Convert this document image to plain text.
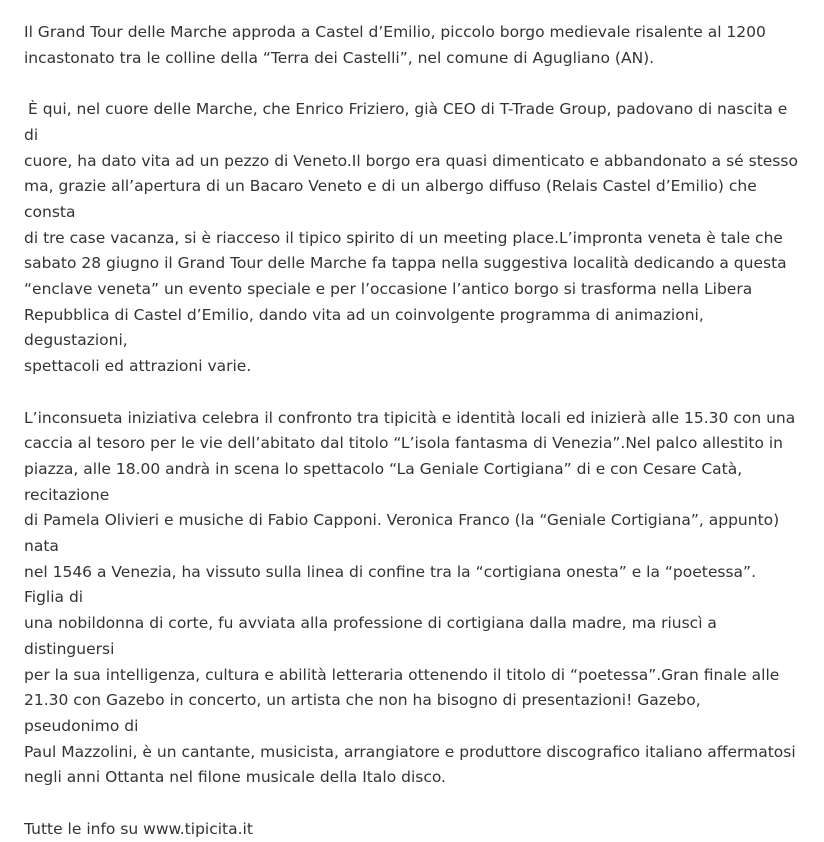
Il Grand Tour delle Marche approda a Castel d’Emilio, piccolo borgo medievale risalente al 1200
incastonato tra le colline della “Terra dei Castelli”, nel comune di Agugliano (AN).

È qui, nel cuore delle Marche, che Enrico Friziero, già CEO di T-Trade Group, padovano di nascita e di
cuore, ha dato vita ad un pezzo di Veneto.Il borgo era quasi dimenticato e abbandonato a sé stesso
ma, grazie all’apertura di un Bacaro Veneto e di un albergo diffuso (Relais Castel d’Emilio) che consta
di tre case vacanza, si è riacceso il tipico spirito di un meeting place.L’impronta veneta è tale che
sabato 28 giugno il Grand Tour delle Marche fa tappa nella suggestiva località dedicando a questa
“enclave veneta” un evento speciale e per l’occasione l’antico borgo si trasforma nella Libera
Repubblica di Castel d’Emilio, dando vita ad un coinvolgente programma di animazioni, degustazioni,
spettacoli ed attrazioni varie.

L’inconsueta iniziativa celebra il confronto tra tipicità e identità locali ed inizierà alle 15.30 con una
caccia al tesoro per le vie dell’abitato dal titolo “L’isola fantasma di Venezia”.Nel palco allestito in
piazza, alle 18.00 andrà in scena lo spettacolo “La Geniale Cortigiana” di e con Cesare Catà, recitazione
di Pamela Olivieri e musiche di Fabio Capponi. Veronica Franco (la “Geniale Cortigiana”, appunto) nata
nel 1546 a Venezia, ha vissuto sulla linea di confine tra la “cortigiana onesta” e la “poetessa”. Figlia di
una nobildonna di corte, fu avviata alla professione di cortigiana dalla madre, ma riuscì a distinguersi
per la sua intelligenza, cultura e abilità letteraria ottenendo il titolo di “poetessa”.Gran finale alle
21.30 con Gazebo in concerto, un artista che non ha bisogno di presentazioni! Gazebo, pseudonimo di
Paul Mazzolini, è un cantante, musicista, arrangiatore e produttore discografico italiano affermatosi
negli anni Ottanta nel filone musicale della Italo disco.

Tutte le info su www.tipicita.it
